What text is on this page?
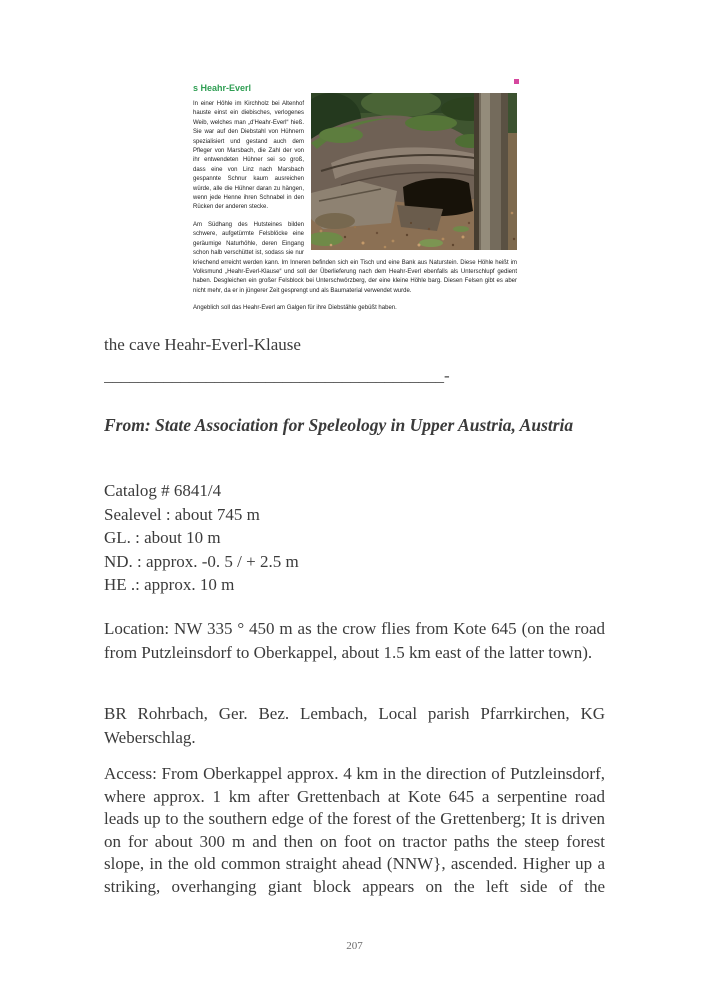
s Heahr-Everl

In einer Höhle im Kirchholz bei Altenhof hauste einst ein diebisches, verlogenes Weib, welches man „d'Heahr-Everl“ hieß. Sie war auf den Diebstahl von Hühnern spezialisiert und gestand auch dem Pfleger von Marsbach, die Zahl der von ihr entwendeten Hühner sei so groß, dass eine von Linz nach Marsbach gespannte Schnur kaum ausreichen würde, alle die Hühner daran zu hängen, wenn jede Henne ihren Schnabel in den Rücken der anderen stecke.

Am Südhang des Hutsteines bilden schwere, aufgetürmte Felsblöcke eine geräumige Naturhöhle, deren Eingang schon halb verschüttet ist, sodass sie nur kriechend erreicht werden kann. Im Inneren befinden sich ein Tisch und eine Bank aus Naturstein. Diese Höhle heißt im Volksmund „Heahr-Everl-Klause“ und soll der Überlieferung nach dem Heahr-Everl ebenfalls als Unterschlupf gedient haben. Desgleichen ein großer Felsblock bei Unterschwörzberg, der eine kleine Höhle barg. Diesen Felsen gibt es aber nicht mehr, da er in jüngerer Zeit gesprengt und als Baumaterial verwendet wurde.

Angeblich soll das Heahr-Everl am Galgen für ihre Diebstähle gebüßt haben.

the cave Heahr-Everl-Klause
________________________________________-
From: State Association for Speleology in Upper Austria, Austria
Catalog # 6841/4
Sealevel : about 745 m
GL. : about 10 m
ND. : approx. -0. 5 / + 2.5 m
HE .: approx. 10 m

Location: NW 335 ° 450 m as the crow flies from Kote 645 (on the road from Putzleinsdorf to Oberkappel, about 1.5 km east of the latter town).

BR Rohrbach, Ger. Bez. Lembach, Local parish Pfarrkirchen, KG Weberschlag.

Access: From Oberkappel approx. 4 km in the direction of Putzleinsdorf, where approx. 1 km after Grettenbach at Kote 645 a serpentine road leads up to the southern edge of the forest of the Grettenberg; It is driven on for about 300 m and then on foot on tractor paths the steep forest slope, in the old common straight ahead (NNW}, ascended. Higher up a striking, overhanging giant block appears on the left side of the

207
